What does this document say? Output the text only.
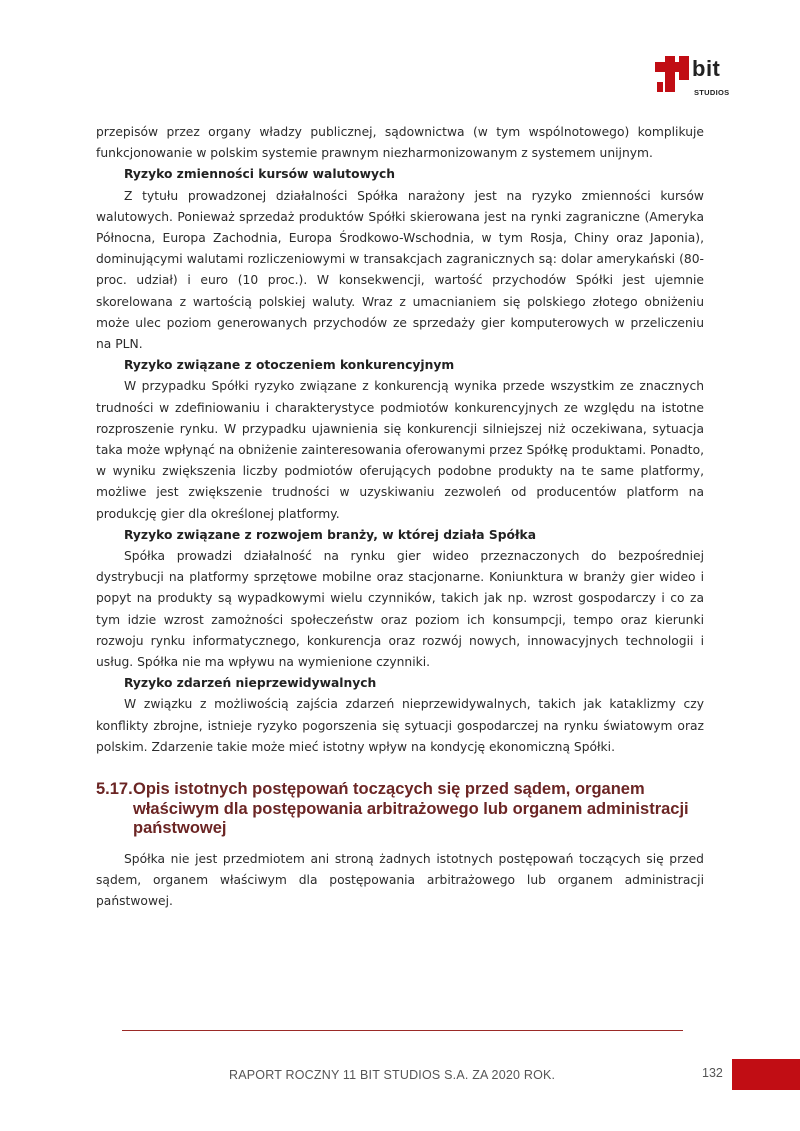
bit
STUDIOS

przepisów przez organy władzy publicznej, sądownictwa (w tym wspólnotowego) komplikuje funkcjonowanie w polskim systemie prawnym niezharmonizowanym z systemem unijnym.

Ryzyko zmienności kursów walutowych

Z tytułu prowadzonej działalności Spółka narażony jest na ryzyko zmienności kursów walutowych. Ponieważ sprzedaż produktów Spółki skierowana jest na rynki zagraniczne (Ameryka Północna, Europa Zachodnia, Europa Środkowo-Wschodnia, w tym Rosja, Chiny oraz Japonia), dominującymi walutami rozliczeniowymi w transakcjach zagranicznych są: dolar amerykański (80-proc. udział) i euro (10 proc.). W konsekwencji, wartość przychodów Spółki jest ujemnie skorelowana z wartością polskiej waluty. Wraz z umacnianiem się polskiego złotego obniżeniu może ulec poziom generowanych przychodów ze sprzedaży gier komputerowych w przeliczeniu na PLN.

Ryzyko związane z otoczeniem konkurencyjnym

W przypadku Spółki ryzyko związane z konkurencją wynika przede wszystkim ze znacznych trudności w zdefiniowaniu i charakterystyce podmiotów konkurencyjnych ze względu na istotne rozproszenie rynku. W przypadku ujawnienia się konkurencji silniejszej niż oczekiwana, sytuacja taka może wpłynąć na obniżenie zainteresowania oferowanymi przez Spółkę produktami. Ponadto, w wyniku zwiększenia liczby podmiotów oferujących podobne produkty na te same platformy, możliwe jest zwiększenie trudności w uzyskiwaniu zezwoleń od producentów platform na produkcję gier dla określonej platformy.

Ryzyko związane z rozwojem branży, w której działa Spółka

Spółka prowadzi działalność na rynku gier wideo przeznaczonych do bezpośredniej dystrybucji na platformy sprzętowe mobilne oraz stacjonarne. Koniunktura w branży gier wideo i popyt na produkty są wypadkowymi wielu czynników, takich jak np. wzrost gospodarczy i co za tym idzie wzrost zamożności społeczeństw oraz poziom ich konsumpcji, tempo oraz kierunki rozwoju rynku informatycznego, konkurencja oraz rozwój nowych, innowacyjnych technologii i usług. Spółka nie ma wpływu na wymienione czynniki.

Ryzyko zdarzeń nieprzewidywalnych

W związku z możliwością zajścia zdarzeń nieprzewidywalnych, takich jak kataklizmy czy konflikty zbrojne, istnieje ryzyko pogorszenia się sytuacji gospodarczej na rynku światowym oraz polskim. Zdarzenie takie może mieć istotny wpływ na kondycję ekonomiczną Spółki.

5.17. Opis istotnych postępowań toczących się przed sądem, organem właściwym dla postępowania arbitrażowego lub organem administracji państwowej

Spółka nie jest przedmiotem ani stroną żadnych istotnych postępowań toczących się przed sądem, organem właściwym dla postępowania arbitrażowego lub organem administracji państwowej.

RAPORT ROCZNY 11 BIT STUDIOS S.A. ZA 2020 ROK.	132
